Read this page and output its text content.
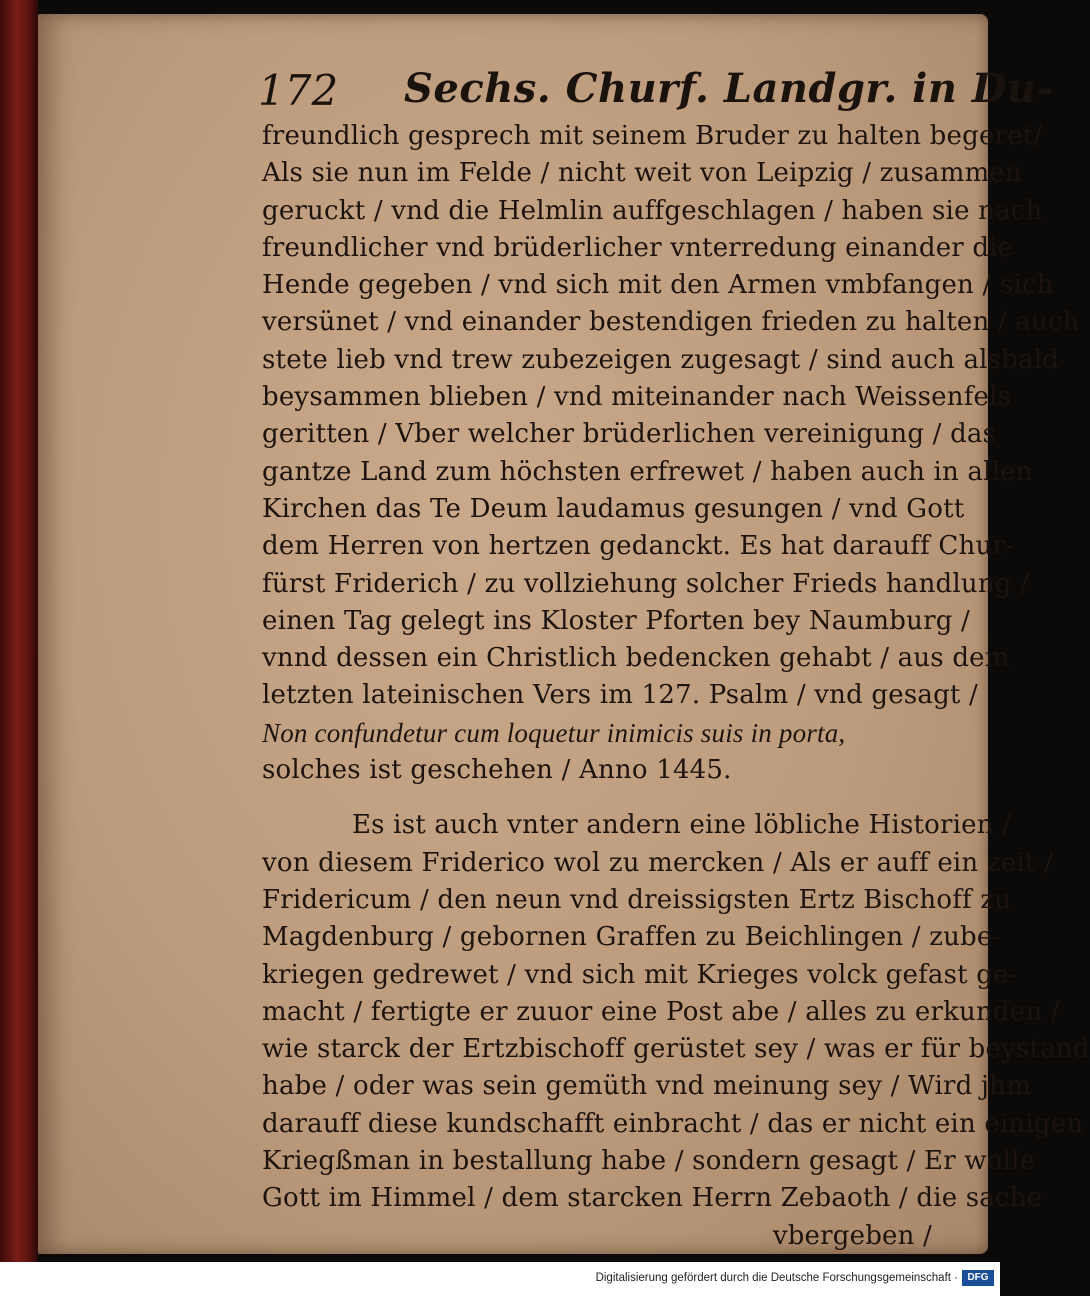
172 Sechs. Churf. Landgr. in Du-
freundlich gesprech mit seinem Bruder zu halten begeret/
Als sie nun im Felde / nicht weit von Leipzig / zusammen
geruckt / vnd die Helmlin auffgeschlagen / haben sie nach
freundlicher vnd brüderlicher vnterredung einander die
Hende gegeben / vnd sich mit den Armen vmbfangen / sich
versünet / vnd einander bestendigen frieden zu halten / auch
stete lieb vnd trew zubezeigen zugesagt / sind auch alsbald
beysammen blieben / vnd miteinander nach Weissenfels
geritten / Vber welcher brüderlichen vereinigung / das
gantze Land zum höchsten erfrewet / haben auch in allen
Kirchen das Te Deum laudamus gesungen / vnd Gott
dem Herren von hertzen gedanckt. Es hat darauff Chur-
fürst Friderich / zu vollziehung solcher Frieds handlung /
einen Tag gelegt ins Kloster Pforten bey Naumburg /
vnnd dessen ein Christlich bedencken gehabt / aus dem
letzten lateinischen Vers im 127. Psalm / vnd gesagt /
Non confundetur cum loquetur inimicis suis in porta,
solches ist geschehen / Anno 1445.
Es ist auch vnter andern eine löbliche Historien /
von diesem Friderico wol zu mercken / Als er auff ein zeit /
Fridericum / den neun vnd dreissigsten Ertz Bischoff zu
Magdenburg / gebornen Graffen zu Beichlingen / zube-
kriegen gedrewet / vnd sich mit Krieges volck gefast ge-
macht / fertigte er zuuor eine Post abe / alles zu erkunden /
wie starck der Ertzbischoff gerüstet sey / was er für beystand
habe / oder was sein gemüth vnd meinung sey / Wird jhm
darauff diese kundschafft einbracht / das er nicht ein einigen
Kriegßman in bestallung habe / sondern gesagt / Er wolle
Gott im Himmel / dem starcken Herrn Zebaoth / die sache
vbergeben /
Digitalisierung gefördert durch die Deutsche Forschungsgemeinschaft · DFG
